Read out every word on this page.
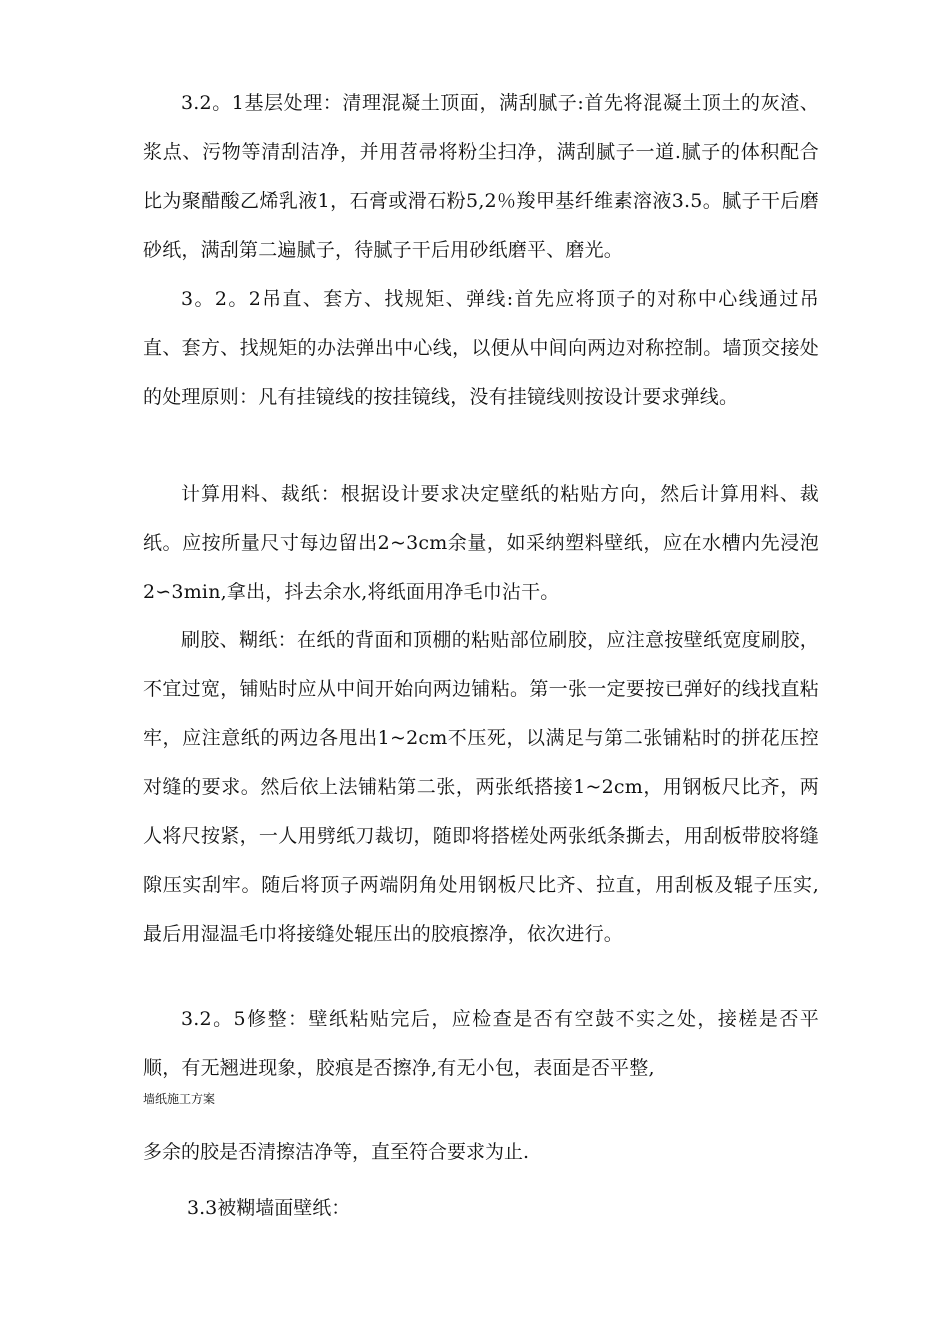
3.2。1基层处理：清理混凝土顶面，满刮腻子:首先将混凝土顶土的灰渣、浆点、污物等清刮洁净，并用苕帚将粉尘扫净，满刮腻子一道.腻子的体积配合比为聚醋酸乙烯乳液1，石膏或滑石粉5,2％羧甲基纤维素溶液3.5。腻子干后磨砂纸，满刮第二遍腻子，待腻子干后用砂纸磨平、磨光。

3。2。2吊直、套方、找规矩、弹线:首先应将顶子的对称中心线通过吊直、套方、找规矩的办法弹出中心线，以便从中间向两边对称控制。墙顶交接处的处理原则：凡有挂镜线的按挂镜线，没有挂镜线则按设计要求弹线。

计算用料、裁纸：根据设计要求决定壁纸的粘贴方向，然后计算用料、裁纸。应按所量尺寸每边留出2~3cm余量，如采纳塑料壁纸，应在水槽内先浸泡2∽3min,拿出，抖去余水,将纸面用净毛巾沾干。

刷胶、糊纸：在纸的背面和顶棚的粘贴部位刷胶，应注意按壁纸宽度刷胶，不宜过宽，铺贴时应从中间开始向两边铺粘。第一张一定要按已弹好的线找直粘牢，应注意纸的两边各甩出1~2cm不压死，以满足与第二张铺粘时的拼花压控对缝的要求。然后依上法铺粘第二张，两张纸搭接1~2cm，用钢板尺比齐，两人将尺按紧，一人用劈纸刀裁切，随即将搭槎处两张纸条撕去，用刮板带胶将缝隙压实刮牢。随后将顶子两端阴角处用钢板尺比齐、拉直，用刮板及辊子压实,最后用湿温毛巾将接缝处辊压出的胶痕擦净，依次进行。

3.2。5修整：壁纸粘贴完后，应检查是否有空鼓不实之处，接槎是否平顺，有无翘进现象，胶痕是否擦净,有无小包，表面是否平整,

墙纸施工方案

多余的胶是否清擦洁净等，直至符合要求为止.

3.3被糊墙面壁纸：
